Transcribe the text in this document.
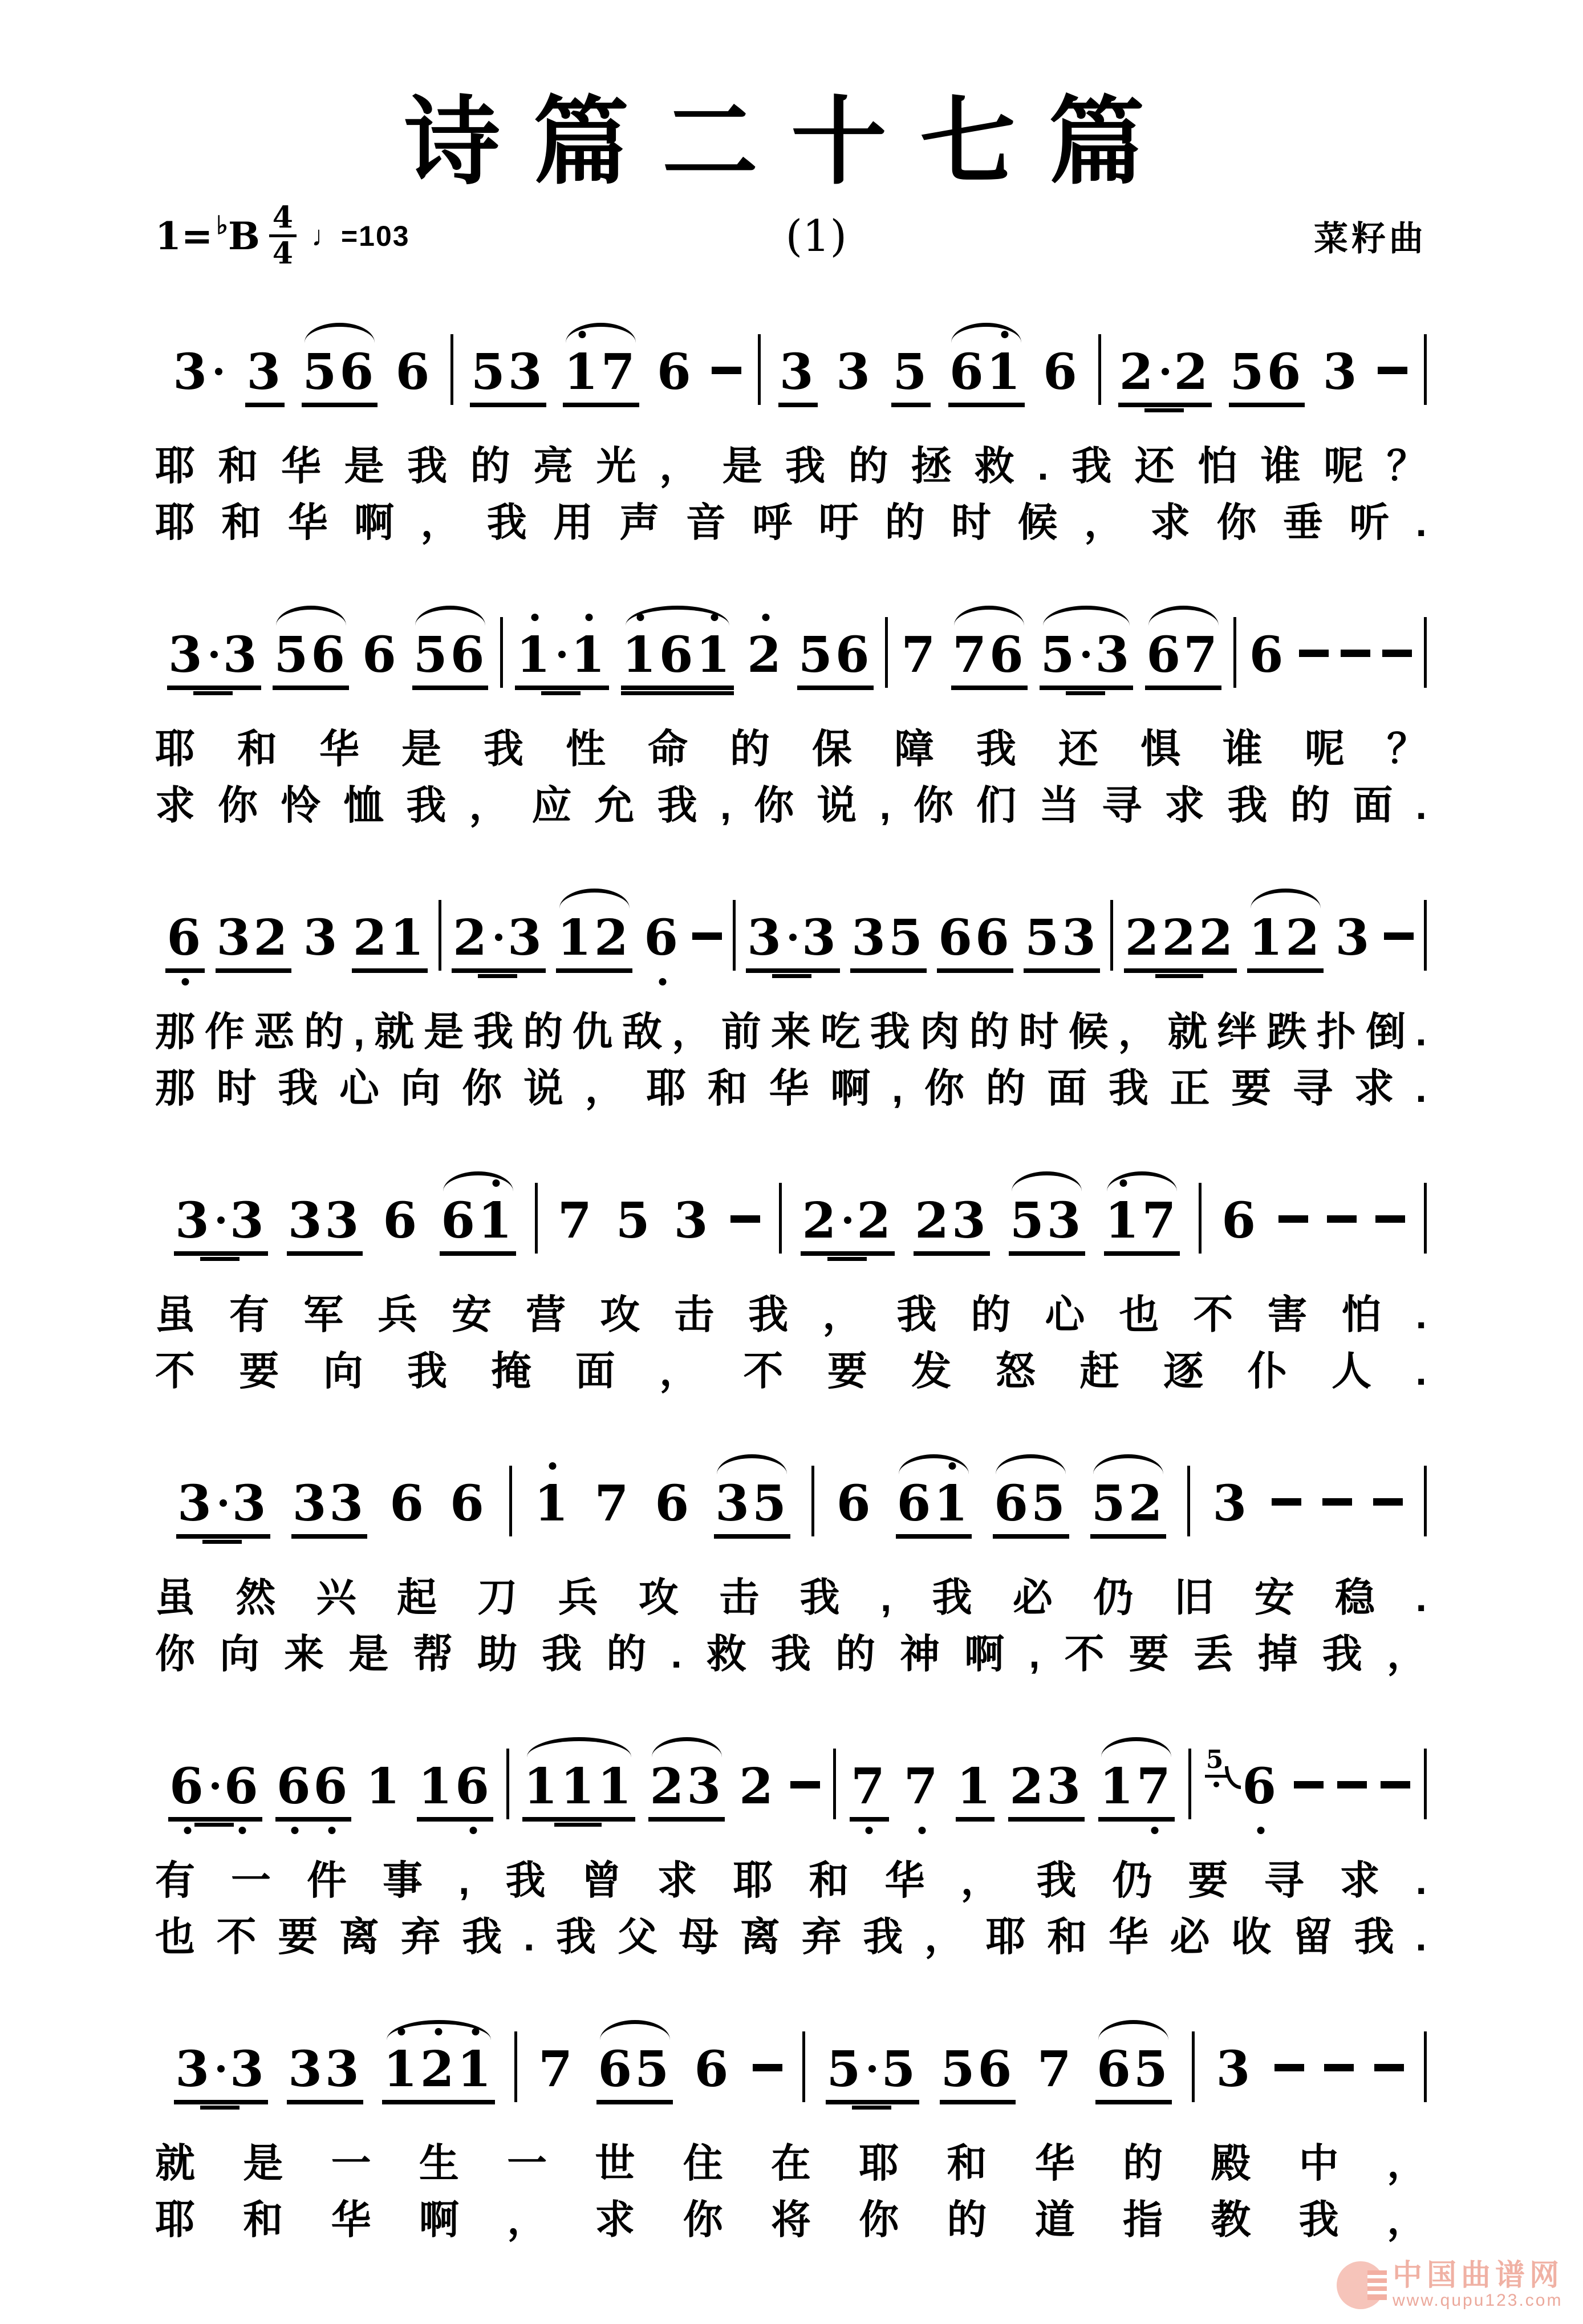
诗篇二十七篇
1= ♭ B $\frac{4}{4}$ ♩=103	(1)	菜籽曲
3 3 5 6 6 5 3 1 7 6 3 3 5 6 1 6 2 2 5 6 3
耶 和 华 是 我 的 亮 光 ， 是 我 的 拯 救 . 我 还 怕 谁 呢 ？
耶 和 华 啊 ， 我 用 声 音 呼 吁 的 时 候 ， 求 你 垂 听 .
3 3 5 6 6 5 6 1 1 1 6 1 2 5 6 7 7 6 5 3 6 7 6
耶 和 华 是 我 性 命 的 保 障 我 还 惧 谁 呢 ？
求 你 怜 恤 我 ， 应 允 我 , 你 说 , 你 们 当 寻 求 我 的 面 .
6 3 2 3 2 1 2 3 1 2 6 3 3 3 5 6 6 5 3 2 2 2 1 2 3
那 作 恶 的 , 就 是 我 的 仇 敌 ， 前 来 吃 我 肉 的 时 候 ， 就 绊 跌 扑 倒 .
那 时 我 心 向 你 说 ， 耶 和 华 啊 , 你 的 面 我 正 要 寻 求 .
3 3 3 3 6 6 1 7 5 3 2 2 2 3 5 3 1 7 6
虽 有 军 兵 安 营 攻 击 我 ， 我 的 心 也 不 害 怕 .
不 要 向 我 掩 面 ， 不 要 发 怒 赶 逐 仆 人 .
3 3 3 3 6 6 1 7 6 3 5 6 6 1 6 5 5 2 3
虽 然 兴 起 刀 兵 攻 击 我 , 我 必 仍 旧 安 稳 .
你 向 来 是 帮 助 我 的 . 救 我 的 神 啊 , 不 要 丢 掉 我 ，
6 6 6 6 1 1 6 1 1 1 2 3 2 7 7 1 2 3 1 7 5 6
有 一 件 事 , 我 曾 求 耶 和 华 ， 我 仍 要 寻 求 .
也 不 要 离 弃 我 . 我 父 母 离 弃 我 ， 耶 和 华 必 收 留 我 .
3 3 3 3 1 2 1 7 6 5 6 5 5 5 6 7 6 5 3
就 是 一 生 一 世 住 在 耶 和 华 的 殿 中 ，
耶 和 华 啊 ， 求 你 将 你 的 道 指 教 我 ，
中国曲谱网
www.qupu123.com
